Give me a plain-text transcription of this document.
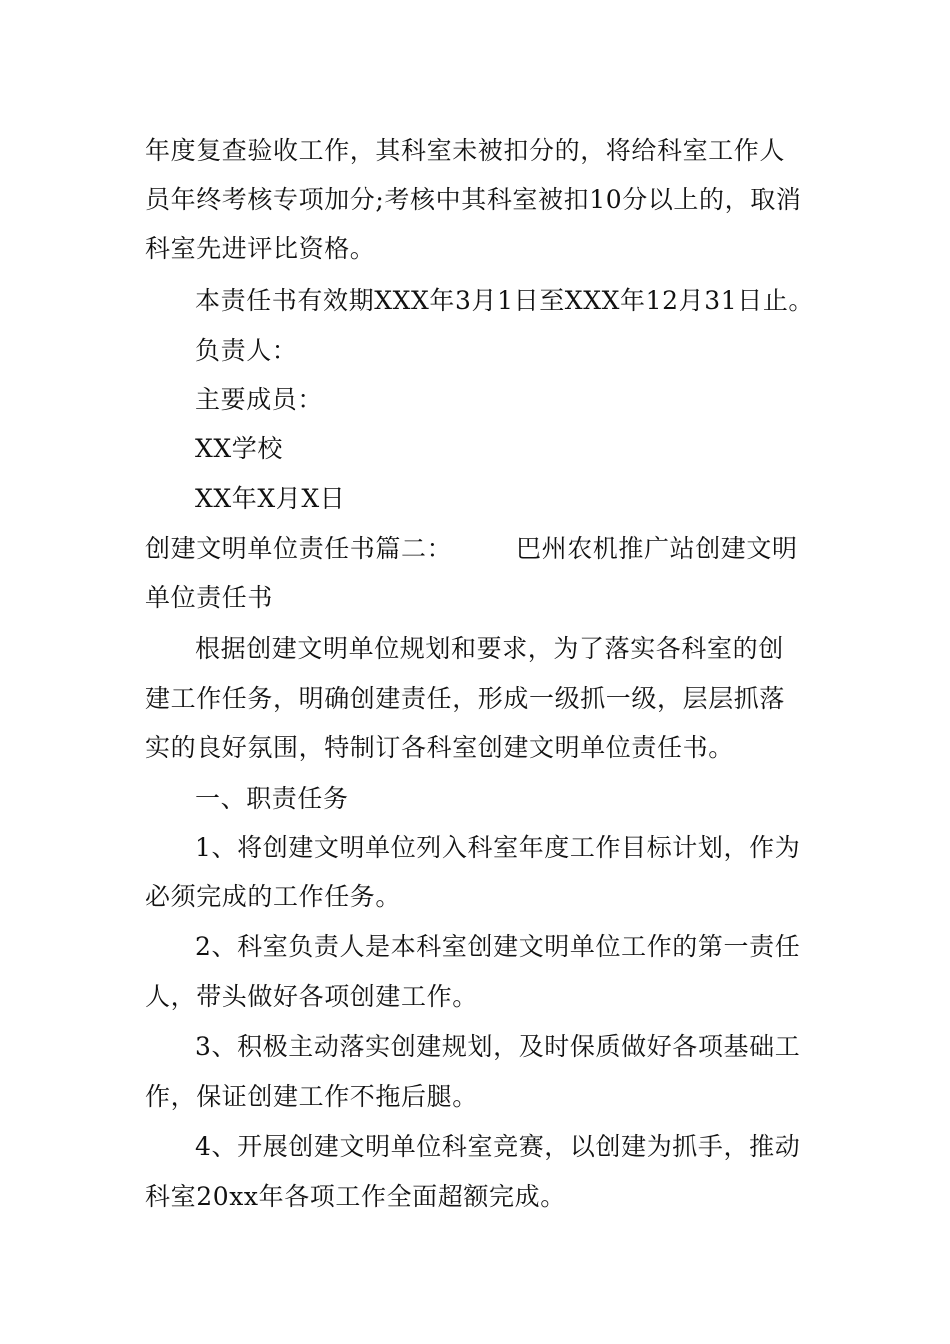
年度复查验收工作，其科室未被扣分的，将给科室工作人
员年终考核专项加分;考核中其科室被扣10分以上的，取消
科室先进评比资格。
本责任书有效期XXX年3月1日至XXX年12月31日止。
负责人：
主要成员：
XX学校
XX年X月X日
创建文明单位责任书篇二：	巴州农机推广站创建文明
单位责任书
根据创建文明单位规划和要求，为了落实各科室的创
建工作任务，明确创建责任，形成一级抓一级，层层抓落
实的良好氛围，特制订各科室创建文明单位责任书。
一、职责任务
1、将创建文明单位列入科室年度工作目标计划，作为
必须完成的工作任务。
2、科室负责人是本科室创建文明单位工作的第一责任
人，带头做好各项创建工作。
3、积极主动落实创建规划，及时保质做好各项基础工
作，保证创建工作不拖后腿。
4、开展创建文明单位科室竞赛，以创建为抓手，推动
科室20xx年各项工作全面超额完成。
